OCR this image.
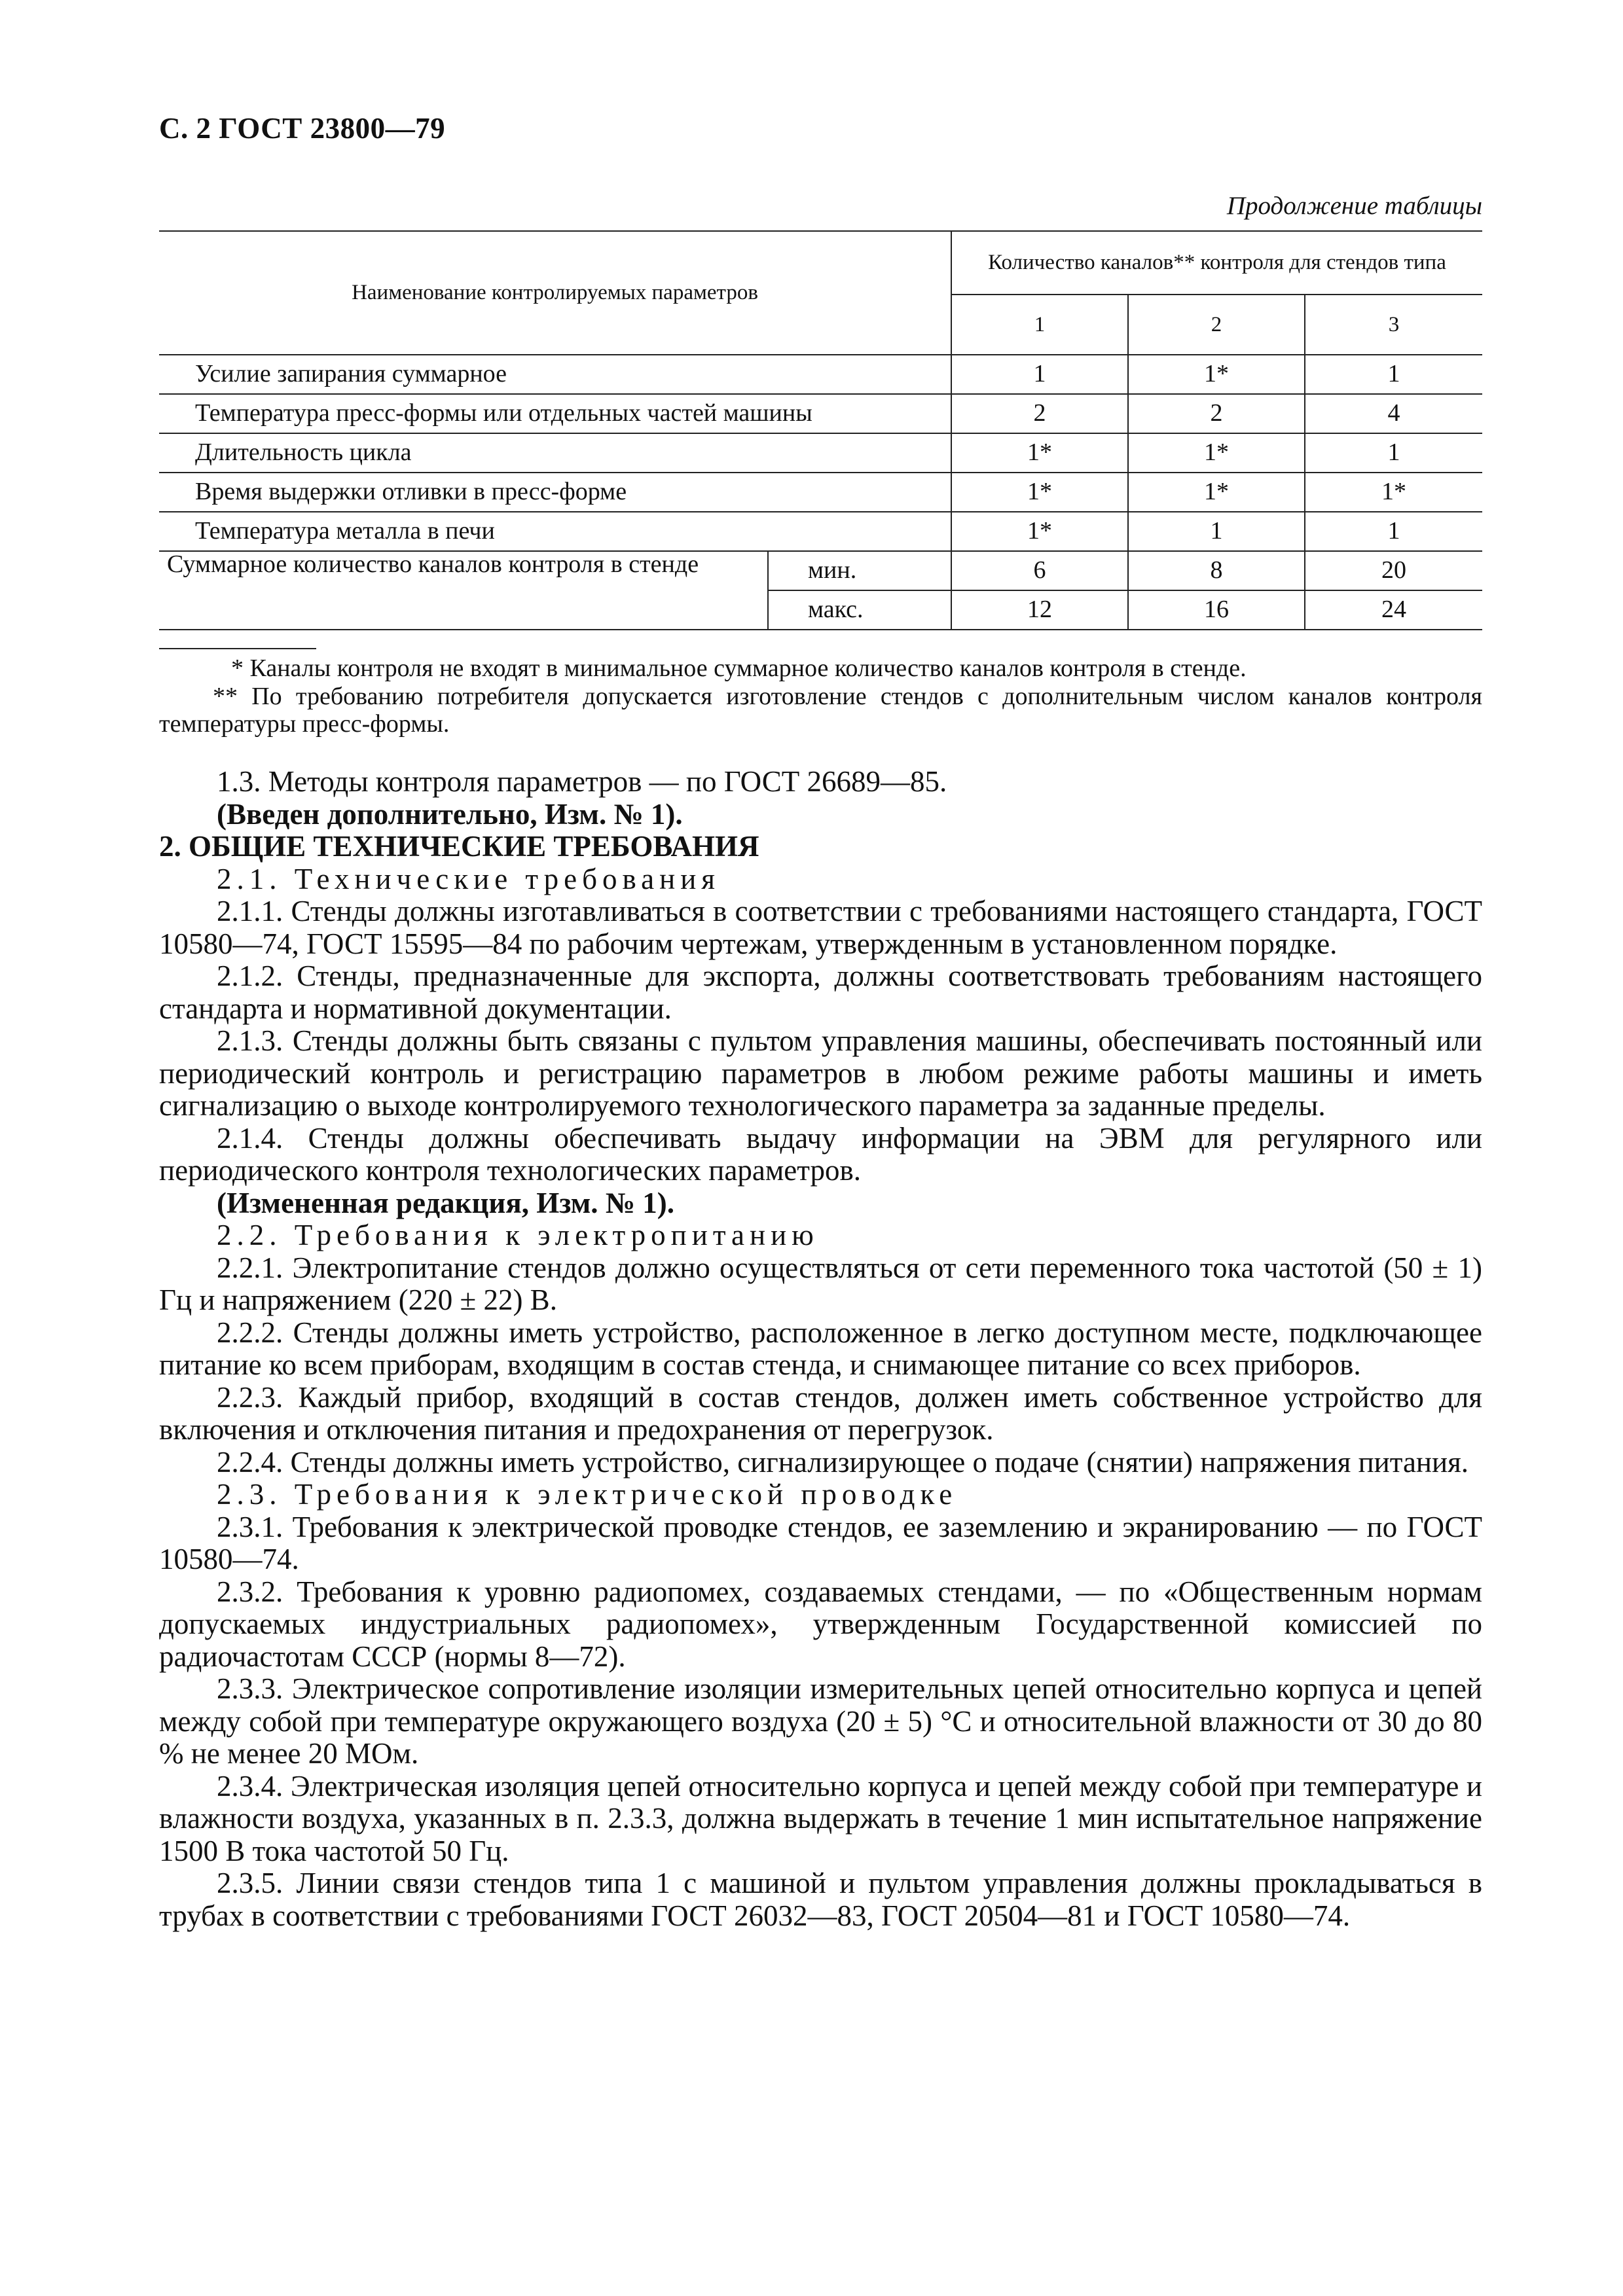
С. 2 ГОСТ 23800—79
Продолжение таблицы
Наименование контролируемых параметров		Количество каналов** контроля для стендов типа		
		1	2	3
Усилие запирания суммарное		1	1*	1
Температура пресс-формы или отдельных частей машины		2	2	4
Длительность цикла		1*	1*	1
Время выдержки отливки в пресс-форме		1*	1*	1*
Температура металла в печи		1*	1	1
Суммарное количество каналов контроля в стенде	мин.	6	8	20
	макс.	12	16	24

* Каналы контроля не входят в минимальное суммарное количество каналов контроля в стенде.

** По требованию потребителя допускается изготовление стендов с дополнительным числом каналов контроля температуры пресс-формы.

1.3. Методы контроля параметров — по ГОСТ 26689—85.

(Введен дополнительно, Изм. № 1).

2. ОБЩИЕ ТЕХНИЧЕСКИЕ ТРЕБОВАНИЯ

2.1. Технические требования

2.1.1. Стенды должны изготавливаться в соответствии с требованиями настоящего стандарта, ГОСТ 10580—74, ГОСТ 15595—84 по рабочим чертежам, утвержденным в установленном порядке.

2.1.2. Стенды, предназначенные для экспорта, должны соответствовать требованиям настоящего стандарта и нормативной документации.

2.1.3. Стенды должны быть связаны с пультом управления машины, обеспечивать постоянный или периодический контроль и регистрацию параметров в любом режиме работы машины и иметь сигнализацию о выходе контролируемого технологического параметра за заданные пределы.

2.1.4. Стенды должны обеспечивать выдачу информации на ЭВМ для регулярного или периодического контроля технологических параметров.

(Измененная редакция, Изм. № 1).

2.2. Требования к электропитанию

2.2.1. Электропитание стендов должно осуществляться от сети переменного тока частотой (50 ± 1) Гц и напряжением (220 ± 22) В.

2.2.2. Стенды должны иметь устройство, расположенное в легко доступном месте, подключающее питание ко всем приборам, входящим в состав стенда, и снимающее питание со всех приборов.

2.2.3. Каждый прибор, входящий в состав стендов, должен иметь собственное устройство для включения и отключения питания и предохранения от перегрузок.

2.2.4. Стенды должны иметь устройство, сигнализирующее о подаче (снятии) напряжения питания.

2.3. Требования к электрической проводке

2.3.1. Требования к электрической проводке стендов, ее заземлению и экранированию — по ГОСТ 10580—74.

2.3.2. Требования к уровню радиопомех, создаваемых стендами, — по «Общественным нормам допускаемых индустриальных радиопомех», утвержденным Государственной комиссией по радиочастотам СССР (нормы 8—72).

2.3.3. Электрическое сопротивление изоляции измерительных цепей относительно корпуса и цепей между собой при температуре окружающего воздуха (20 ± 5) °С и относительной влажности от 30 до 80 % не менее 20 МОм.

2.3.4. Электрическая изоляция цепей относительно корпуса и цепей между собой при температуре и влажности воздуха, указанных в п. 2.3.3, должна выдержать в течение 1 мин испытательное напряжение 1500 В тока частотой 50 Гц.

2.3.5. Линии связи стендов типа 1 с машиной и пультом управления должны прокладываться в трубах в соответствии с требованиями ГОСТ 26032—83, ГОСТ 20504—81 и ГОСТ 10580—74.
